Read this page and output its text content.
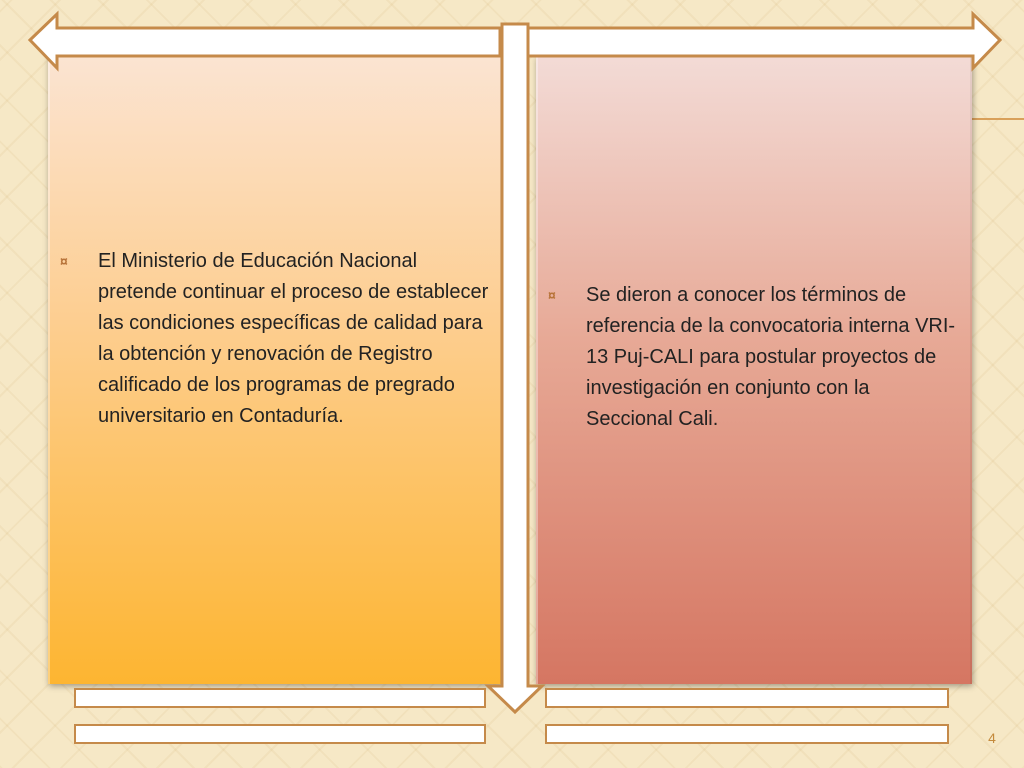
¤ El Ministerio de Educación Nacional pretende continuar el proceso de establecer las condiciones específicas de calidad para la obtención y renovación de Registro calificado de los programas de pregrado universitario en Contaduría.
¤ Se dieron a conocer los términos de referencia de la convocatoria interna VRI-13 Puj-CALI para postular proyectos de investigación en conjunto con la Seccional Cali.
4
